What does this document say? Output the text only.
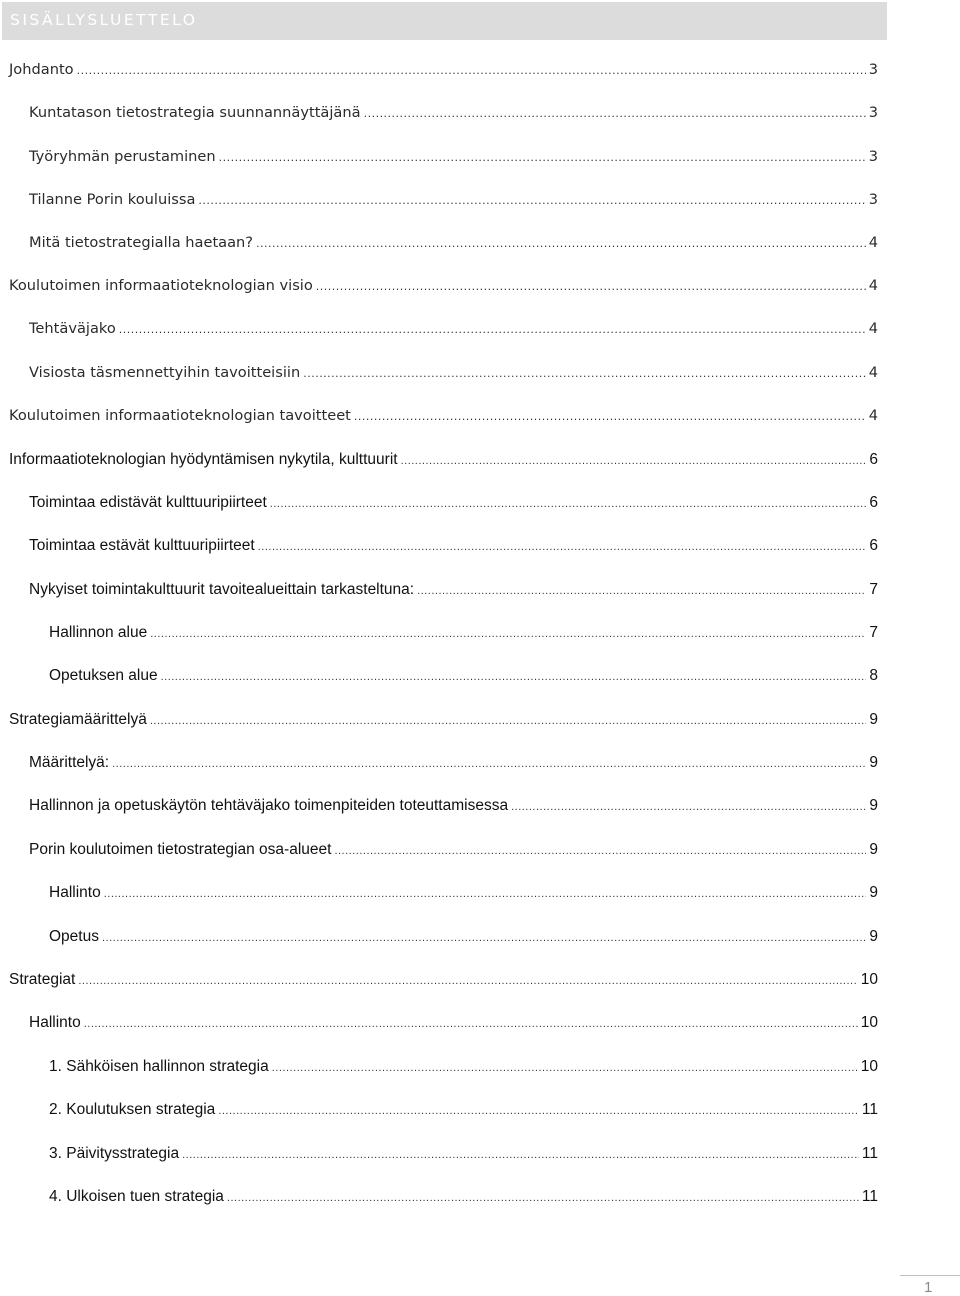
SISÄLLYSLUETTELO
Johdanto .....	3
Kuntatason tietostrategia suunnannäyttäjänä .....	3
Työryhmän perustaminen .....	3
Tilanne Porin kouluissa .....	3
Mitä tietostrategialla haetaan? .....	4
Koulutoimen informaatioteknologian visio .....	4
Tehtäväjako .....	4
Visiosta täsmennettyihin tavoitteisiin .....	4
Koulutoimen informaatioteknologian tavoitteet .....	4
Informaatioteknologian hyödyntämisen nykytila, kulttuurit .....	6
Toimintaa edistävät kulttuuripiirteet .....	6
Toimintaa estävät kulttuuripiirteet .....	6
Nykyiset toimintakulttuurit tavoitealueittain tarkasteltuna: .....	7
Hallinnon alue .....	7
Opetuksen alue .....	8
Strategiamäärittelyä .....	9
Määrittelyä: .....	9
Hallinnon ja opetuskäytön tehtäväjako toimenpiteiden toteuttamisessa .....	9
Porin koulutoimen tietostrategian osa-alueet .....	9
Hallinto .....	9
Opetus .....	9
Strategiat .....	10
Hallinto .....	10
1. Sähköisen hallinnon strategia .....	10
2. Koulutuksen strategia .....	11
3. Päivitysstrategia .....	11
4. Ulkoisen tuen strategia .....	11
1
